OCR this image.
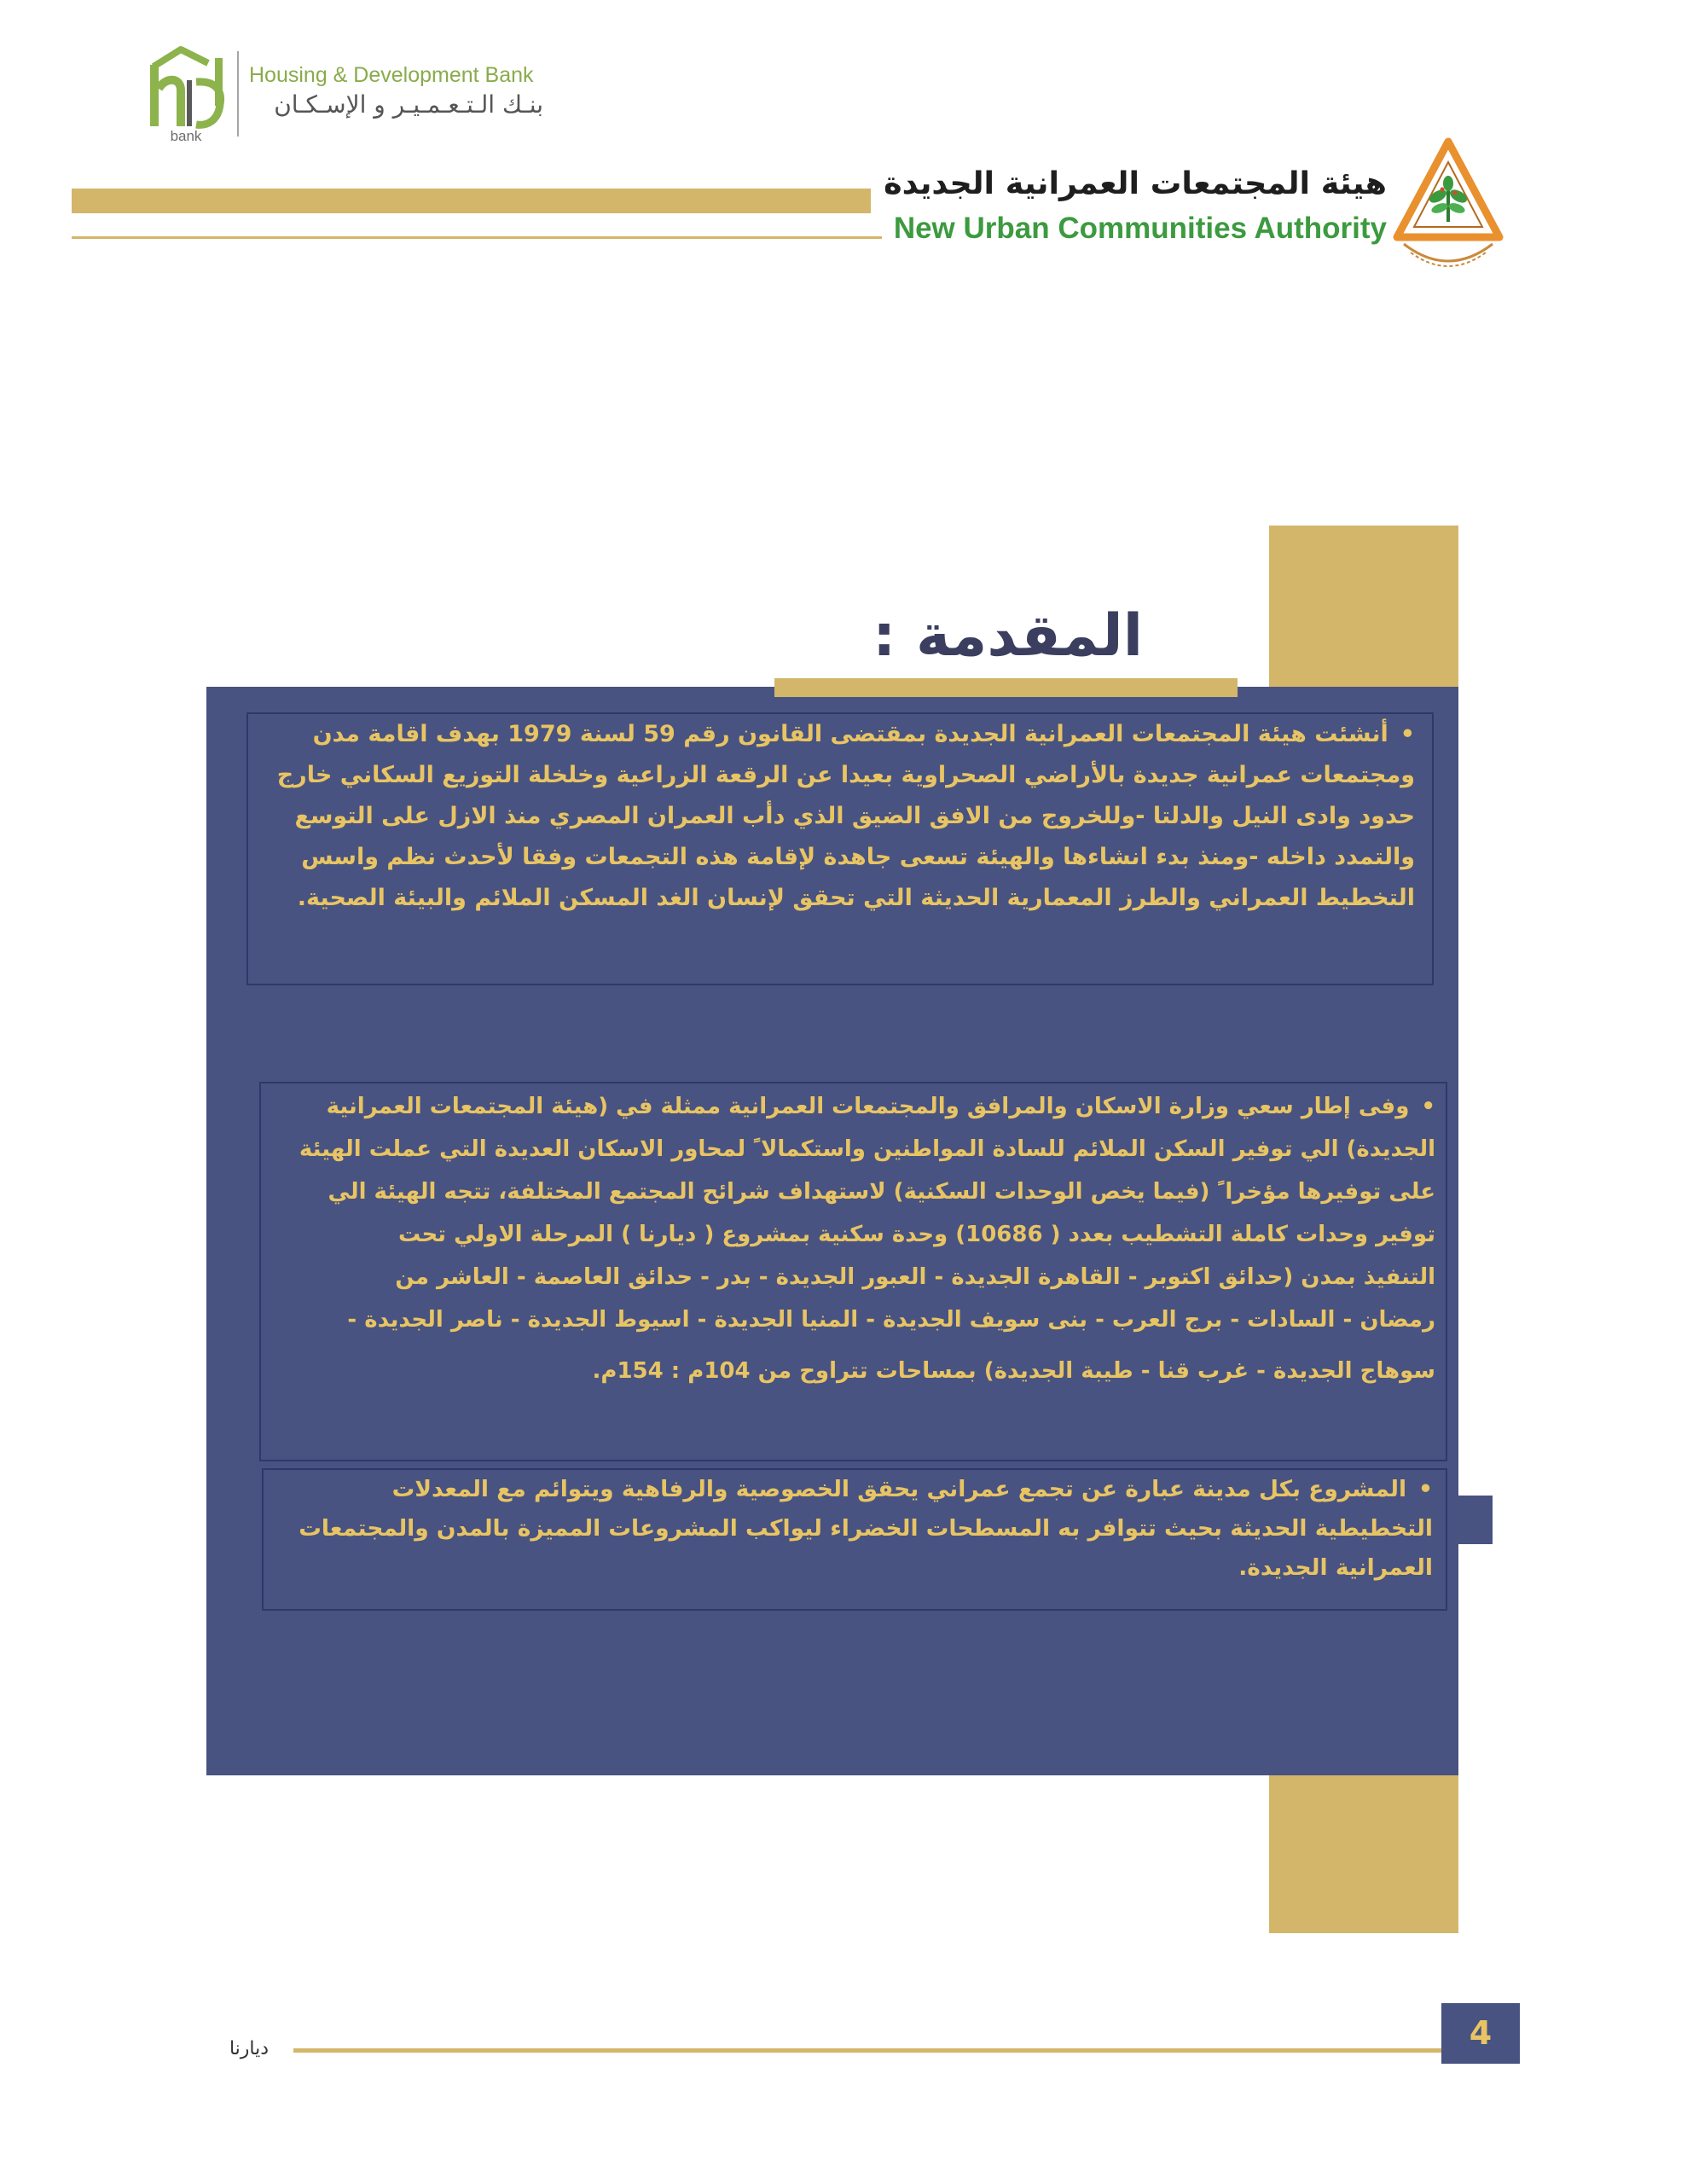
bank
Housing & Development Bank
بنـك الـتـعـمـيـر و الإسـكـان
هيئة المجتمعات العمرانية الجديدة
New Urban Communities Authority
المقدمة :
•أنشئت هيئة المجتمعات العمرانية الجديدة بمقتضى القانون رقم 59 لسنة 1979 بهدف اقامة مدن
ومجتمعات عمرانية جديدة بالأراضي الصحراوية بعيدا عن الرقعة الزراعية وخلخلة التوزيع السكاني خارج
حدود وادى النيل والدلتا -وللخروج من الافق الضيق الذي دأب العمران المصري منذ الازل على التوسع
والتمدد داخله -ومنذ بدء انشاءها والهيئة تسعى جاهدة لإقامة هذه التجمعات وفقا لأحدث نظم واسس
التخطيط العمراني والطرز المعمارية الحديثة التي تحقق لإنسان الغد المسكن الملائم والبيئة الصحية.
•وفى إطار سعي وزارة الاسكان والمرافق والمجتمعات العمرانية ممثلة في (هيئة المجتمعات العمرانية
الجديدة) الي توفير السكن الملائم للسادة المواطنين واستكمالا ً لمحاور الاسكان العديدة التي عملت الهيئة
على توفيرها مؤخرا ً (فيما يخص الوحدات السكنية) لاستهداف شرائح المجتمع المختلفة، تتجه الهيئة الي
توفير وحدات كاملة التشطيب بعدد ( 10686) وحدة سكنية بمشروع ( ديارنا ) المرحلة الاولي تحت
التنفيذ بمدن (حدائق اكتوبر - القاهرة الجديدة - العبور الجديدة - بدر - حدائق العاصمة - العاشر من
رمضان - السادات - برج العرب - بنى سويف الجديدة - المنيا الجديدة - اسيوط الجديدة - ناصر الجديدة -
سوهاج الجديدة - غرب قنا - طيبة الجديدة) بمساحات تتراوح من 104م : 154م.
•المشروع بكل مدينة عبارة عن تجمع عمراني يحقق الخصوصية والرفاهية ويتوائم مع المعدلات
التخطيطية الحديثة بحيث تتوافر به المسطحات الخضراء ليواكب المشروعات المميزة بالمدن والمجتمعات
العمرانية الجديدة.
ديارنا	4
